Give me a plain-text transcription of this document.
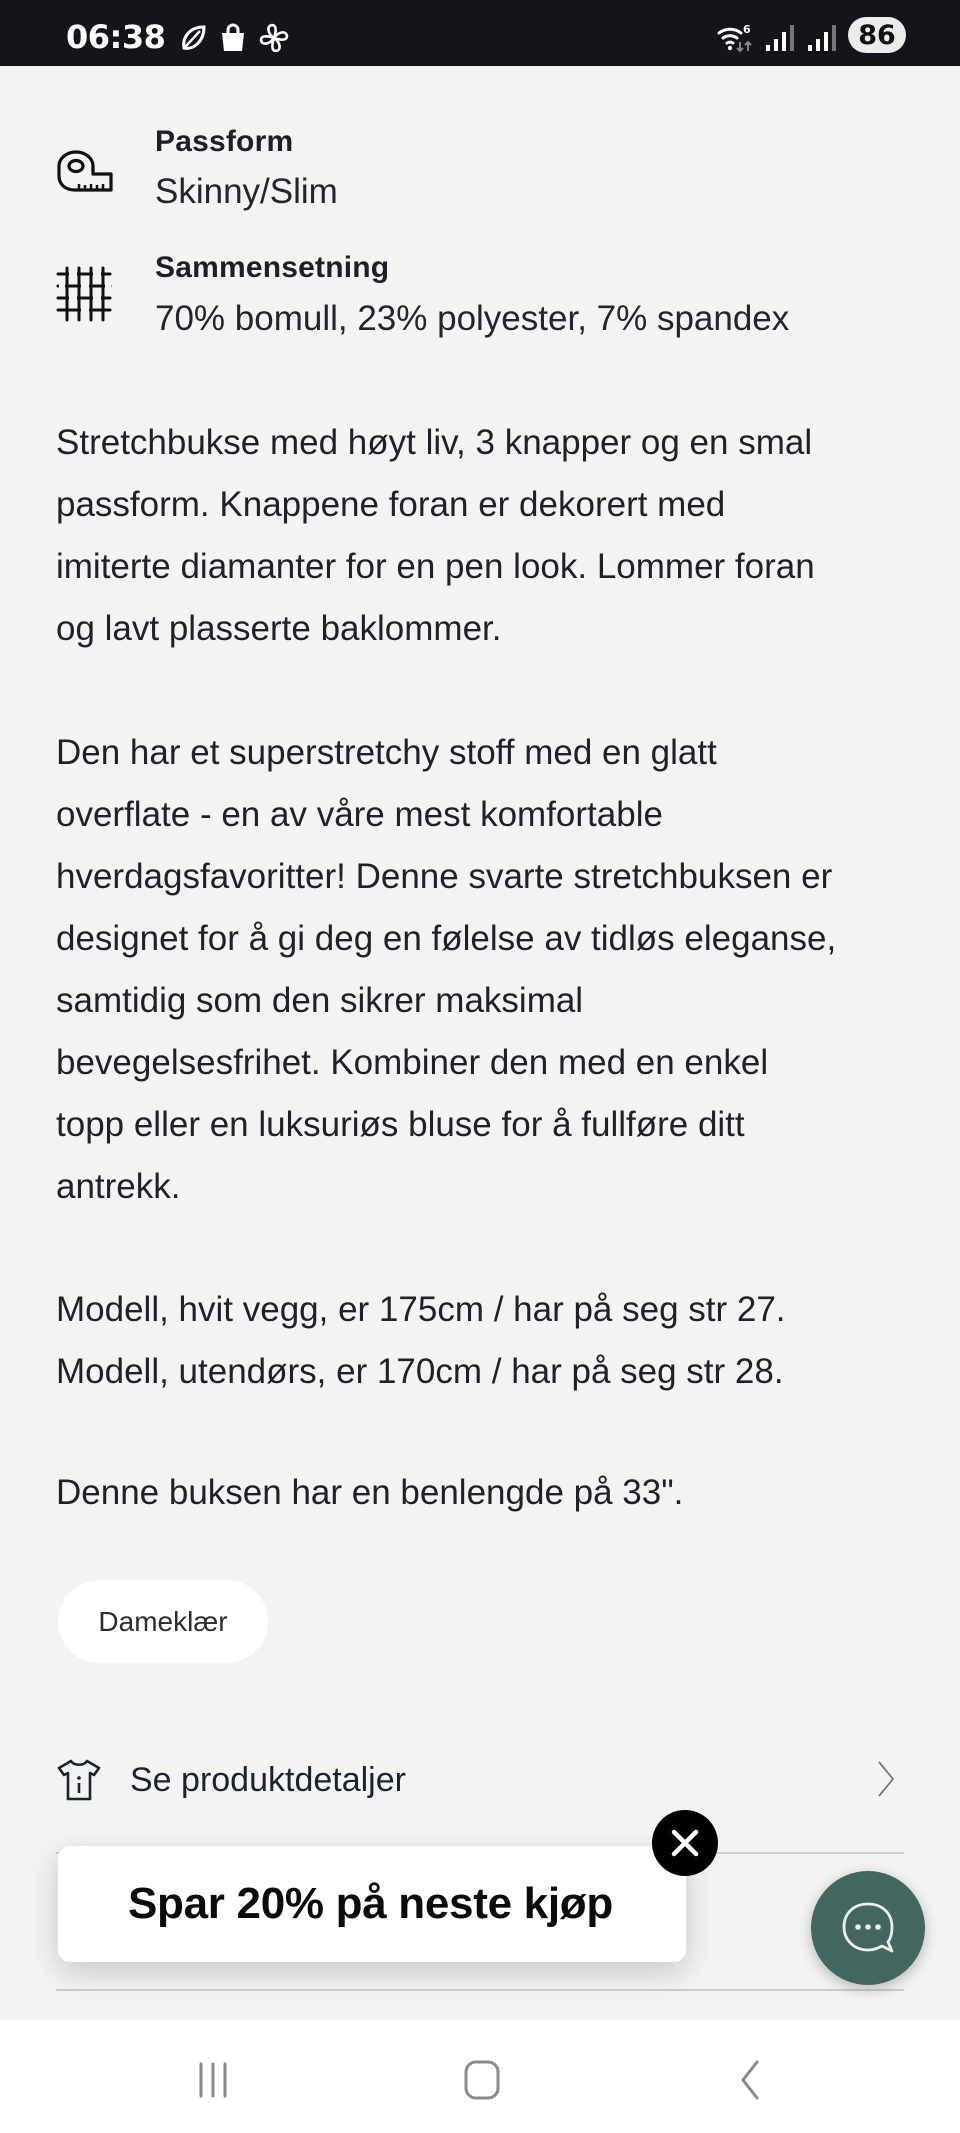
06:38	6	86
Passform
Skinny/Slim
Sammensetning
70% bomull, 23% polyester, 7% spandex

Stretchbukse med høyt liv, 3 knapper og en smal

passform. Knappene foran er dekorert med

imiterte diamanter for en pen look. Lommer foran

og lavt plasserte baklommer.

Den har et superstretchy stoff med en glatt

overflate - en av våre mest komfortable

hverdagsfavoritter! Denne svarte stretchbuksen er

designet for å gi deg en følelse av tidløs eleganse,

samtidig som den sikrer maksimal

bevegelsesfrihet. Kombiner den med en enkel

topp eller en luksuriøs bluse for å fullføre ditt

antrekk.

Modell, hvit vegg, er 175cm / har på seg str 27.

Modell, utendørs, er 170cm / har på seg str 28.

Denne buksen har en benlengde på 33".

Dameklær
Se produktdetaljer
Spar 20% på neste kjøp
